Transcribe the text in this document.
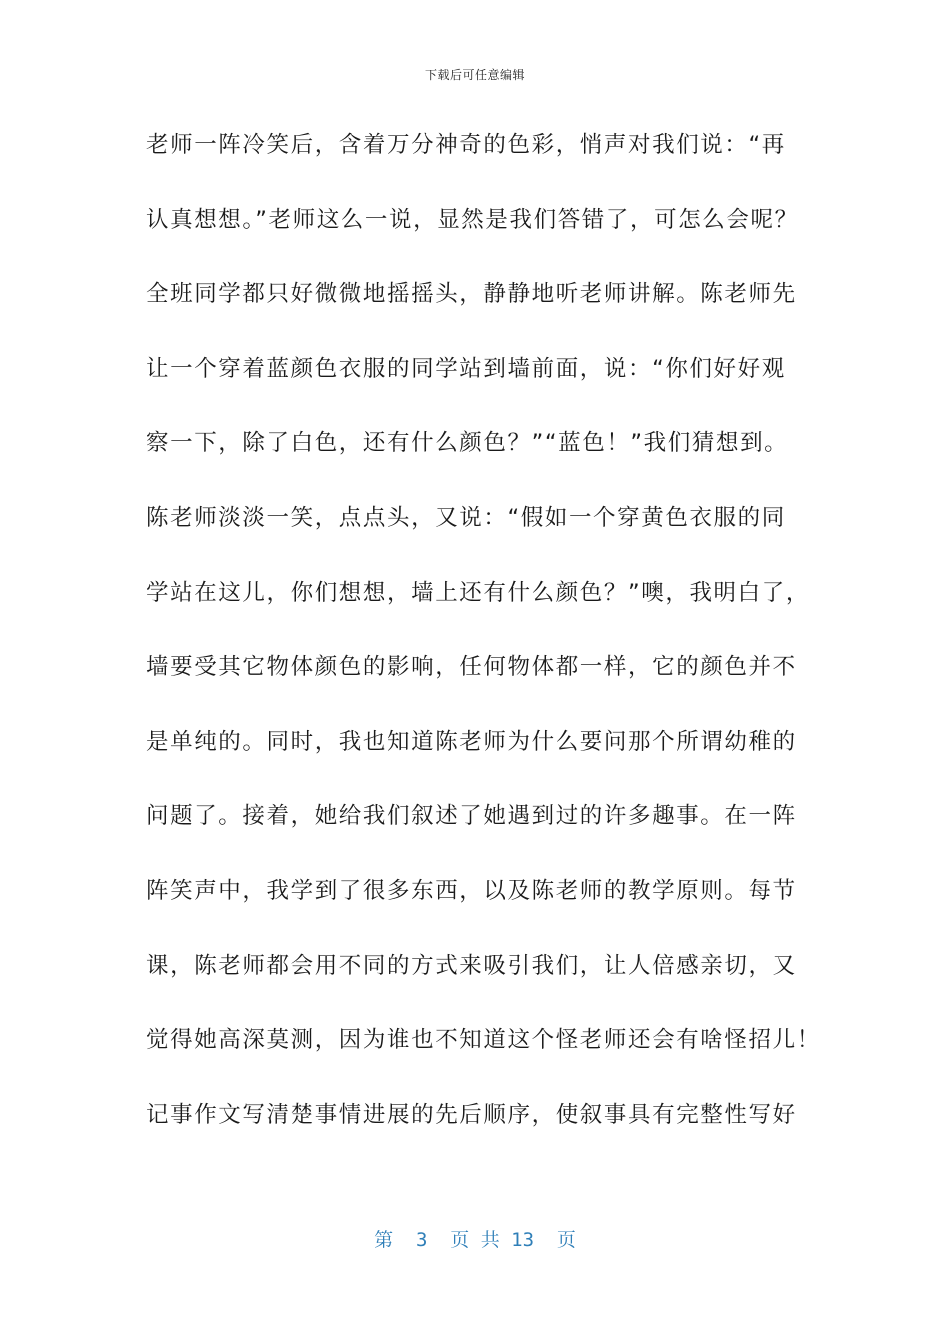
下载后可任意编辑
老师一阵冷笑后，含着万分神奇的色彩，悄声对我们说：“再
认真想想。”老师这么一说，显然是我们答错了，可怎么会呢？
全班同学都只好微微地摇摇头，静静地听老师讲解。陈老师先
让一个穿着蓝颜色衣服的同学站到墙前面，说：“你们好好观
察一下，除了白色，还有什么颜色？”“蓝色！”我们猜想到。
陈老师淡淡一笑，点点头，又说：“假如一个穿黄色衣服的同
学站在这儿，你们想想，墙上还有什么颜色？”噢，我明白了，
墙要受其它物体颜色的影响，任何物体都一样，它的颜色并不
是单纯的。同时，我也知道陈老师为什么要问那个所谓幼稚的
问题了。接着，她给我们叙述了她遇到过的许多趣事。在一阵
阵笑声中，我学到了很多东西，以及陈老师的教学原则。每节
课，陈老师都会用不同的方式来吸引我们，让人倍感亲切，又
觉得她高深莫测，因为谁也不知道这个怪老师还会有啥怪招儿！
记事作文写清楚事情进展的先后顺序，使叙事具有完整性写好
第  3  页 共 13  页
